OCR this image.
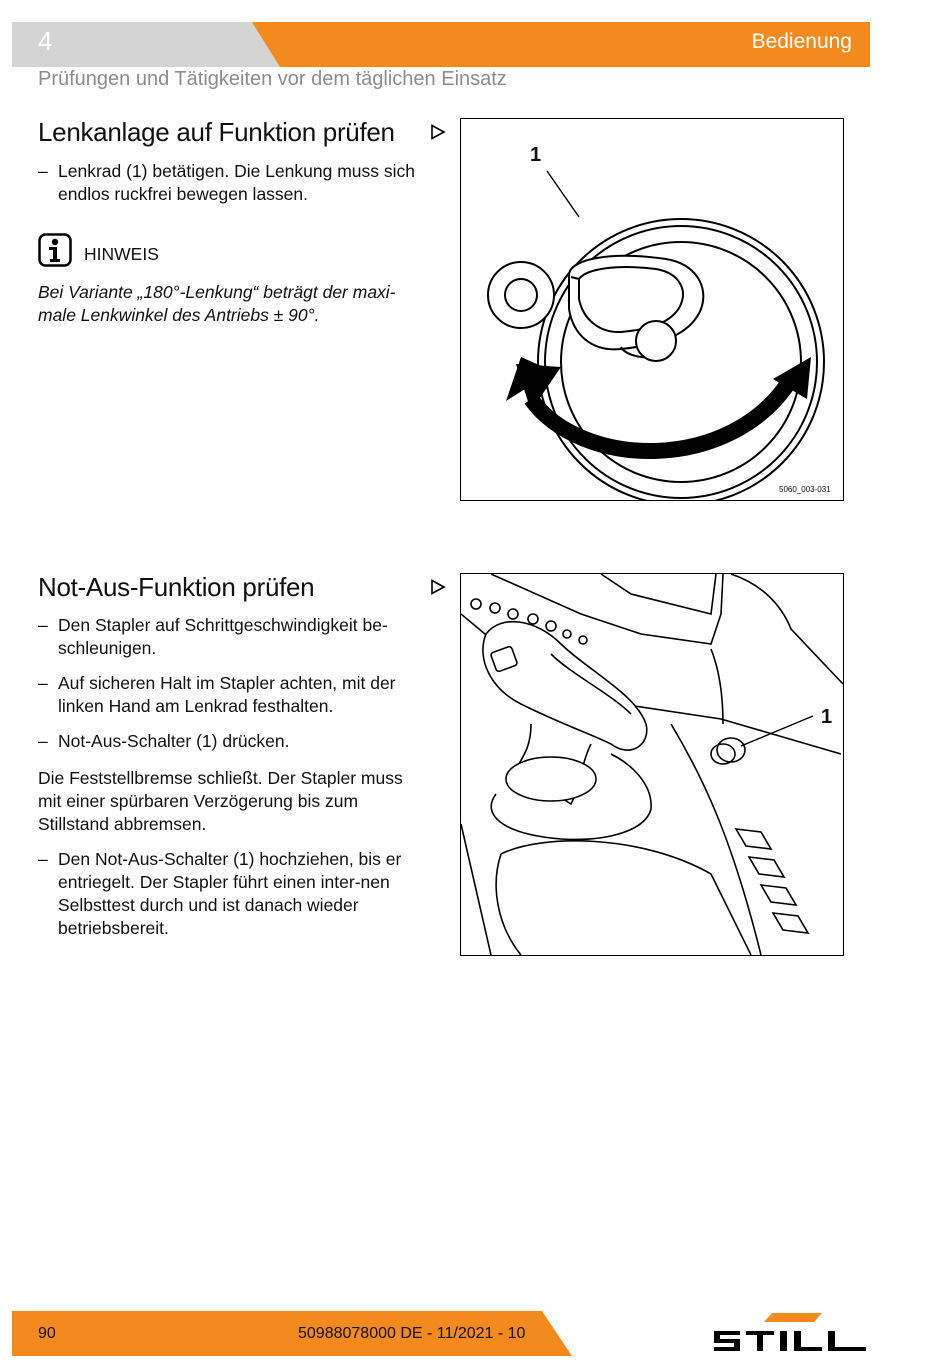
4	Bedienung
Prüfungen und Tätigkeiten vor dem täglichen Einsatz
Lenkanlage auf Funktion prüfen
– Lenkrad (1) betätigen. Die Lenkung muss sich endlos ruckfrei bewegen lassen.
HINWEIS
Bei Variante „180°-Lenkung“ beträgt der maxi-male Lenkwinkel des Antriebs ± 90°.
1
5060_003-031
Not-Aus-Funktion prüfen
– Den Stapler auf Schrittgeschwindigkeit be-schleunigen.
– Auf sicheren Halt im Stapler achten, mit der linken Hand am Lenkrad festhalten.
– Not-Aus-Schalter (1) drücken.
Die Feststellbremse schließt. Der Stapler muss mit einer spürbaren Verzögerung bis zum Stillstand abbremsen.
– Den Not-Aus-Schalter (1) hochziehen, bis er entriegelt. Der Stapler führt einen inter-nen Selbsttest durch und ist danach wieder betriebsbereit.
1
90	50988078000 DE - 11/2021 - 10
